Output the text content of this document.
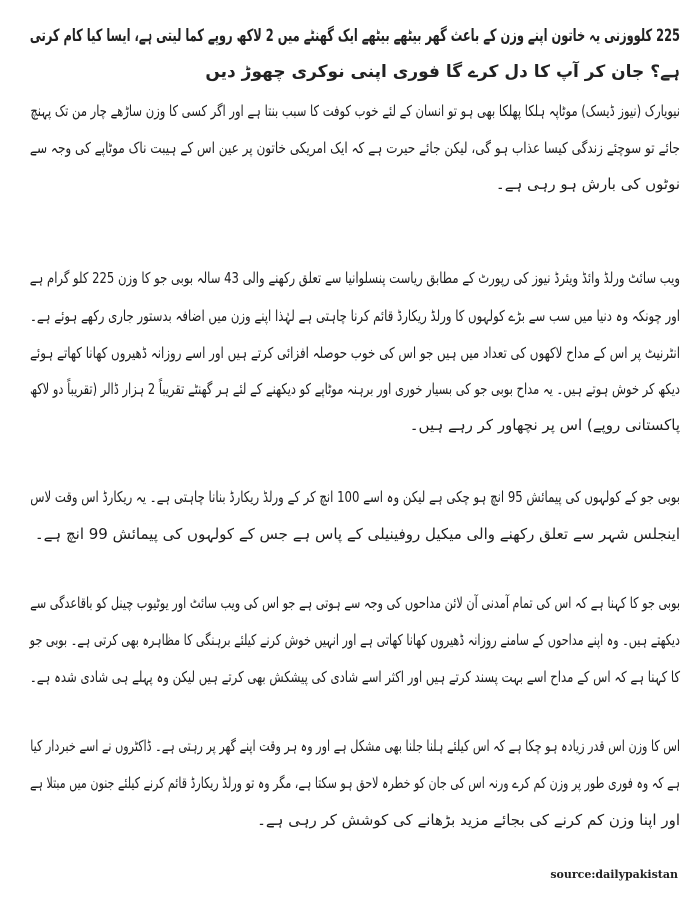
225 کلووزنی یہ خاتون اپنے وزن کے باعث گھر بیٹھے بیٹھے ایک گھنٹے میں 2 لاکھ روپے کما لیتی ہے، ایسا کیا کام کرتی
ہے؟ جان کر آپ کا دل کرے گا فوری اپنی نوکری چھوڑ دیں
نیویارک (نیوز ڈیسک) موٹاپہ ہلکا پھلکا بھی ہو تو انسان کے لئے خوب کوفت کا سبب بنتا ہے اور اگر کسی کا وزن ساڑھے چار من تک پہنچ
جائے تو سوچئے زندگی کیسا عذاب ہو گی، لیکن جائے حیرت ہے کہ ایک امریکی خاتون پر عین اس کے ہیبت ناک موٹاپے کی وجہ سے
نوٹوں کی بارش ہو رہی ہے۔
ویب سائٹ ورلڈ وائڈ ویئرڈ نیوز کی رپورٹ کے مطابق ریاست پنسلوانیا سے تعلق رکھنے والی 43 سالہ بوبی جو کا وزن 225 کلو گرام ہے
اور چونکہ وہ دنیا میں سب سے بڑے کولہوں کا ورلڈ ریکارڈ قائم کرنا چاہتی ہے لہٰذا اپنے وزن میں اضافہ بدستور جاری رکھے ہوئے ہے۔
انٹرنیٹ پر اس کے مداح لاکھوں کی تعداد میں ہیں جو اس کی خوب حوصلہ افزائی کرتے ہیں اور اسے روزانہ ڈھیروں کھانا کھاتے ہوئے
دیکھ کر خوش ہوتے ہیں۔ یہ مداح بوبی جو کی بسیار خوری اور برہنہ موٹاپے کو دیکھنے کے لئے ہر گھنٹے تقریباً 2 ہزار ڈالر (تقریباً دو لاکھ
پاکستانی روپے) اس پر نچھاور کر رہے ہیں۔
بوبی جو کے کولہوں کی پیمائش 95 انچ ہو چکی ہے لیکن وہ اسے 100 انچ کر کے ورلڈ ریکارڈ بنانا چاہتی ہے۔ یہ ریکارڈ اس وقت لاس
اینجلس شہر سے تعلق رکھنے والی میکیل روفینیلی کے پاس ہے جس کے کولہوں کی پیمائش 99 انچ ہے۔
بوبی جو کا کہنا ہے کہ اس کی تمام آمدنی آن لائن مداحوں کی وجہ سے ہوتی ہے جو اس کی ویب سائٹ اور یوٹیوب چینل کو باقاعدگی سے
دیکھتے ہیں۔ وہ اپنے مداحوں کے سامنے روزانہ ڈھیروں کھانا کھاتی ہے اور انہیں خوش کرنے کیلئے برہنگی کا مظاہرہ بھی کرتی ہے۔ بوبی جو
کا کہنا ہے کہ اس کے مداح اسے بہت پسند کرتے ہیں اور اکثر اسے شادی کی پیشکش بھی کرتے ہیں لیکن وہ پہلے ہی شادی شدہ ہے۔
اس کا وزن اس قدر زیادہ ہو چکا ہے کہ اس کیلئے ہلنا جلنا بھی مشکل ہے اور وہ ہر وقت اپنے گھر پر رہتی ہے۔ ڈاکٹروں نے اسے خبردار کیا
ہے کہ وہ فوری طور پر وزن کم کرے ورنہ اس کی جان کو خطرہ لاحق ہو سکتا ہے، مگر وہ تو ورلڈ ریکارڈ قائم کرنے کیلئے جنون میں مبتلا ہے
اور اپنا وزن کم کرنے کی بجائے مزید بڑھانے کی کوشش کر رہی ہے۔
source:dailypakistan
